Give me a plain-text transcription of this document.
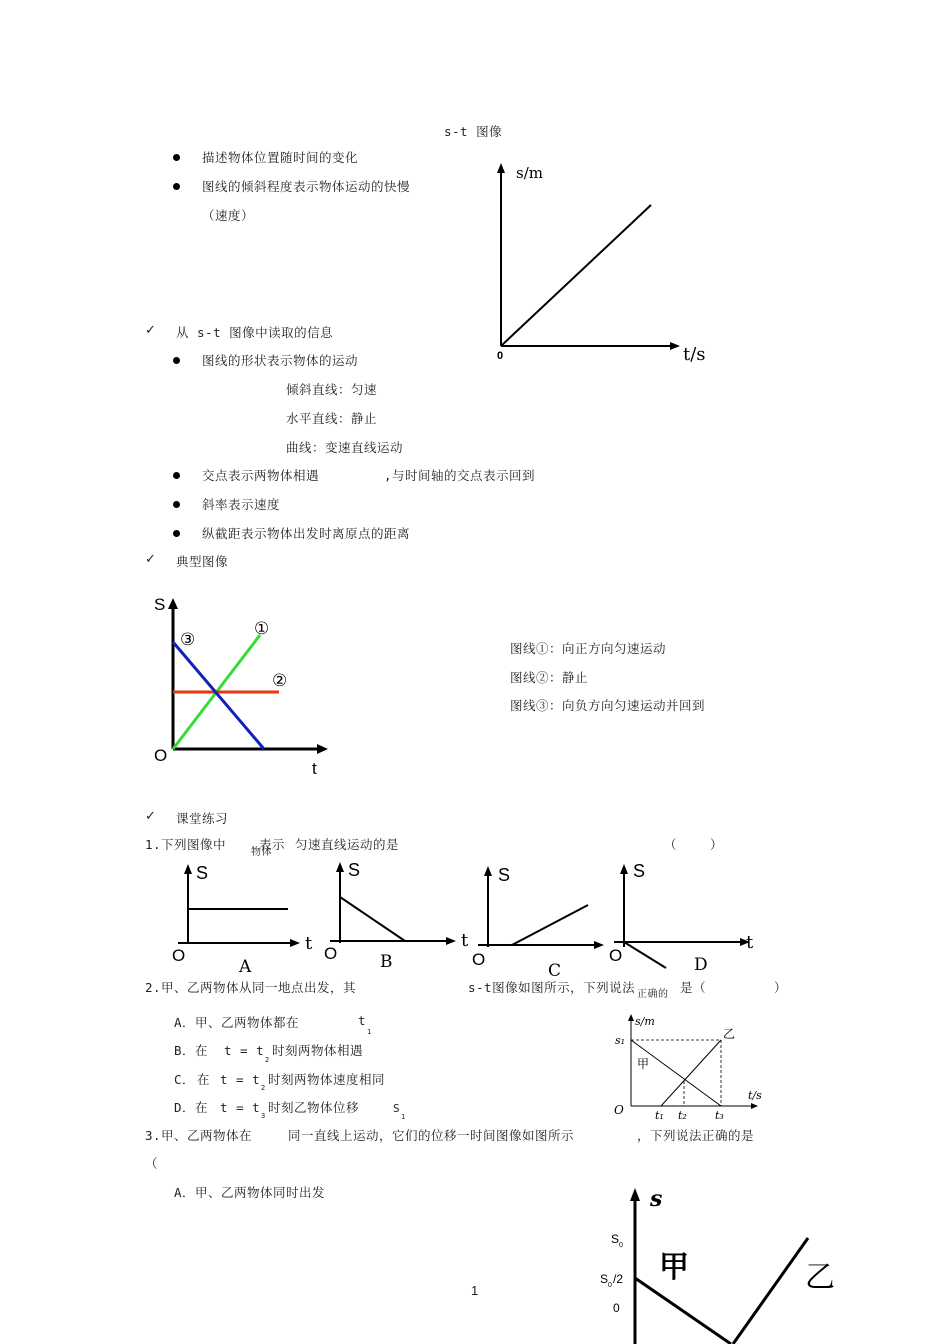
s-t 图像
描述物体位置随时间的变化
图线的倾斜程度表示物体运动的快慢
（速度）
s/m
t/s
0
✓ 从 s-t 图像中读取的信息
图线的形状表示物体的运动
倾斜直线：匀速
水平直线：静止
曲线：变速直线运动
交点表示两物体相遇	,与时间轴的交点表示回到
斜率表示速度
纵截距表示物体出发时离原点的距离
✓ 典型图像
S
O
t
①
②
③	图线①：向正方向匀速运动
图线②：静止
图线③：向负方向匀速运动并回到
✓ 课堂练习
1.下列图像中	表示 匀速直线运动的是
物体
（	）
S
O
t
A
S
O
t
B
S
O
C
S
O
t
D
2.甲、乙两物体从同一地点出发，其	s-t图像如图所示，下列说法 正确的 是（	）
A．甲、乙两物体都在	t
1
B．在 t = t
2
时刻两物体相遇
C． 在 t = t
2
时刻两物体速度相同
D．在 t = t
3
时刻乙物体位移	S
1
s/m
s₁
甲
乙
t/s
O	t₁ t₂	t₃
3.甲、乙两物体在	同一直线上运动，它们的位移一时间图像如图所示	，下列说法正确的是
（
A．甲、乙两物体同时出发	s
S 0
S 0 /2
0
甲	乙
1
